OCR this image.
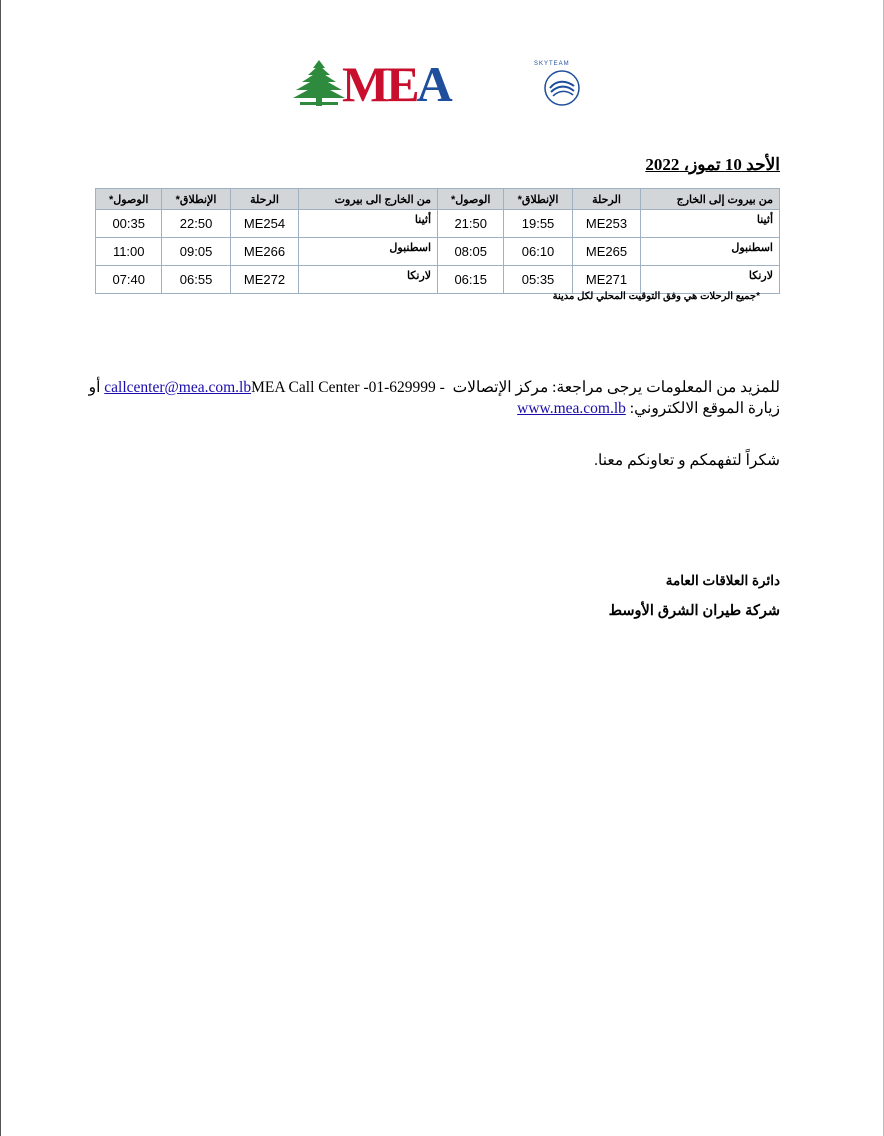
MEA	SKYTEAM
الأحد 10 تموز، 2022
من بيروت إلى الخارج	الرحلة	الإنطلاق*	الوصول*	من الخارج الى بيروت	الرحلة	الإنطلاق*	الوصول*
أثينا	ME253	19:55	21:50	أثينا	ME254	22:50	00:35
اسطنبول	ME265	06:10	08:05	اسطنبول	ME266	09:05	11:00
لارنكا	ME271	05:35	06:15	لارنكا	ME272	06:55	07:40
*جميع الرحلات هي وفق التوقيت المحلي لكل مدينة
للمزيد من المعلومات يرجى مراجعة: مركز الإتصالات MEA Call Center -01-629999 - callcenter@mea.com.lb أو
زيارة الموقع الالكتروني: www.mea.com.lb
شكراً لتفهمكم و تعاونكم معنا.
دائرة العلاقات العامة
شركة طيران الشرق الأوسط
